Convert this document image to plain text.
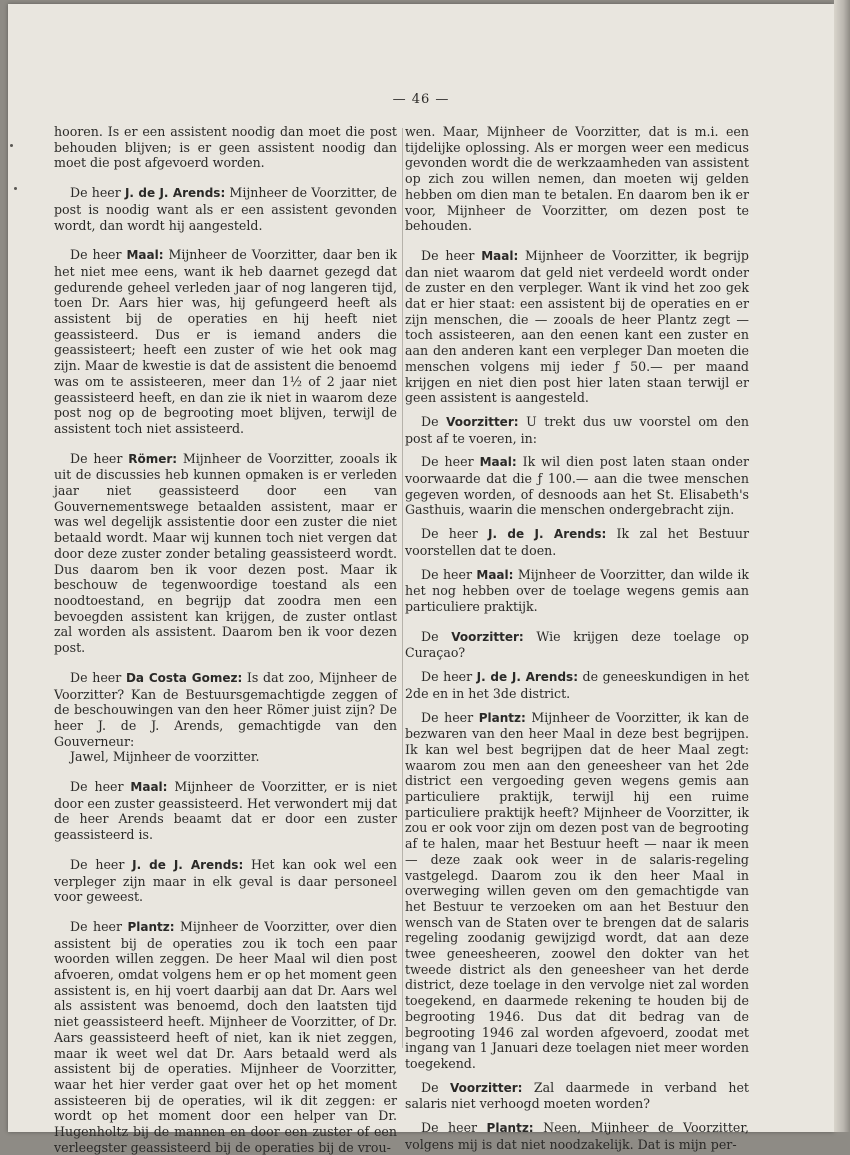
— 46 —

hooren. Is er een assistent noodig dan moet die post behouden blijven; is er geen assistent noodig dan moet die post afgevoerd worden.

De heer J. de J. Arends: Mijnheer de Voorzitter, de post is noodig want als er een assistent gevonden wordt, dan wordt hij aangesteld.

De heer Maal: Mijnheer de Voorzitter, daar ben ik het niet mee eens, want ik heb daarnet gezegd dat gedurende geheel verleden jaar of nog langeren tijd, toen Dr. Aars hier was, hij gefungeerd heeft als assistent bij de operaties en hij heeft niet geassisteerd. Dus er is iemand anders die geassisteert; heeft een zuster of wie het ook mag zijn. Maar de kwestie is dat de assistent die benoemd was om te assisteeren, meer dan 1½ of 2 jaar niet geassisteerd heeft, en dan zie ik niet in waarom deze post nog op de begrooting moet blijven, terwijl de assistent toch niet assisteerd.

De heer Römer: Mijnheer de Voorzitter, zooals ik uit de discussies heb kunnen opmaken is er verleden jaar niet geassisteerd door een van Gouvernementswege betaalden assistent, maar er was wel degelijk assistentie door een zuster die niet betaald wordt. Maar wij kunnen toch niet vergen dat door deze zuster zonder betaling geassisteerd wordt. Dus daarom ben ik voor dezen post. Maar ik beschouw de tegenwoordige toestand als een noodtoestand, en begrijp dat zoodra men een bevoegden assistent kan krijgen, de zuster ontlast zal worden als assistent. Daarom ben ik voor dezen post.

De heer Da Costa Gomez: Is dat zoo, Mijnheer de Voorzitter? Kan de Bestuursgemachtigde zeggen of de beschouwingen van den heer Römer juist zijn? De heer J. de J. Arends, gemachtigde van den Gouverneur:

Jawel, Mijnheer de voorzitter.

De heer Maal: Mijnheer de Voorzitter, er is niet door een zuster geassisteerd. Het verwondert mij dat de heer Arends beaamt dat er door een zuster geassisteerd is.

De heer J. de J. Arends: Het kan ook wel een verpleger zijn maar in elk geval is daar personeel voor geweest.

De heer Plantz: Mijnheer de Voorzitter, over dien assistent bij de operaties zou ik toch een paar woorden willen zeggen. De heer Maal wil dien post afvoeren, omdat volgens hem er op het moment geen assistent is, en hij voert daarbij aan dat Dr. Aars wel als assistent was benoemd, doch den laatsten tijd niet geassisteerd heeft. Mijnheer de Voorzitter, of Dr. Aars geassisteerd heeft of niet, kan ik niet zeggen, maar ik weet wel dat Dr. Aars betaald werd als assistent bij de operaties. Mijnheer de Voorzitter, waar het hier verder gaat over het op het moment assisteeren bij de operaties, wil ik dit zeggen: er wordt op het moment door een helper van Dr. Hugenholtz bij de mannen en door een zuster of een verleegster geassisteerd bij de operaties bij de vrou-

wen. Maar, Mijnheer de Voorzitter, dat is m.i. een tijdelijke oplossing. Als er morgen weer een medicus gevonden wordt die de werkzaamheden van assistent op zich zou willen nemen, dan moeten wij gelden hebben om dien man te betalen. En daarom ben ik er voor, Mijnheer de Voorzitter, om dezen post te behouden.

De heer Maal: Mijnheer de Voorzitter, ik begrijp dan niet waarom dat geld niet verdeeld wordt onder de zuster en den verpleger. Want ik vind het zoo gek dat er hier staat: een assistent bij de operaties en er zijn menschen, die — zooals de heer Plantz zegt — toch assisteeren, aan den eenen kant een zuster en aan den anderen kant een verpleger Dan moeten die menschen volgens mij ieder ƒ 50.— per maand krijgen en niet dien post hier laten staan terwijl er geen assistent is aangesteld.

De Voorzitter: U trekt dus uw voorstel om den post af te voeren, in:

De heer Maal: Ik wil dien post laten staan onder voorwaarde dat die ƒ 100.— aan die twee menschen gegeven worden, of desnoods aan het St. Elisabeth's Gasthuis, waarin die menschen ondergebracht zijn.

De heer J. de J. Arends: Ik zal het Bestuur voorstellen dat te doen.

De heer Maal: Mijnheer de Voorzitter, dan wilde ik het nog hebben over de toelage wegens gemis aan particuliere praktijk.

De Voorzitter: Wie krijgen deze toelage op Curaçao?

De heer J. de J. Arends: de geneeskundigen in het 2de en in het 3de district.

De heer Plantz: Mijnheer de Voorzitter, ik kan de bezwaren van den heer Maal in deze best begrijpen. Ik kan wel best begrijpen dat de heer Maal zegt: waarom zou men aan den geneesheer van het 2de district een vergoeding geven wegens gemis aan particuliere praktijk, terwijl hij een ruime particuliere praktijk heeft? Mijnheer de Voorzitter, ik zou er ook voor zijn om dezen post van de begrooting af te halen, maar het Bestuur heeft — naar ik meen — deze zaak ook weer in de salaris-regeling vastgelegd. Daarom zou ik den heer Maal in overweging willen geven om den gemachtigde van het Bestuur te verzoeken om aan het Bestuur den wensch van de Staten over te brengen dat de salaris regeling zoodanig gewijzigd wordt, dat aan deze twee geneesheeren, zoowel den dokter van het tweede district als den geneesheer van het derde district, deze toelage in den vervolge niet zal worden toegekend, en daarmede rekening te houden bij de begrooting 1946. Dus dat dit bedrag van de begrooting 1946 zal worden afgevoerd, zoodat met ingang van 1 Januari deze toelagen niet meer worden toegekend.

De Voorzitter: Zal daarmede in verband het salaris niet verhoogd moeten worden?

De heer Plantz: Neen, Mijnheer de Voorzitter, volgens mij is dat niet noodzakelijk. Dat is mijn per-
